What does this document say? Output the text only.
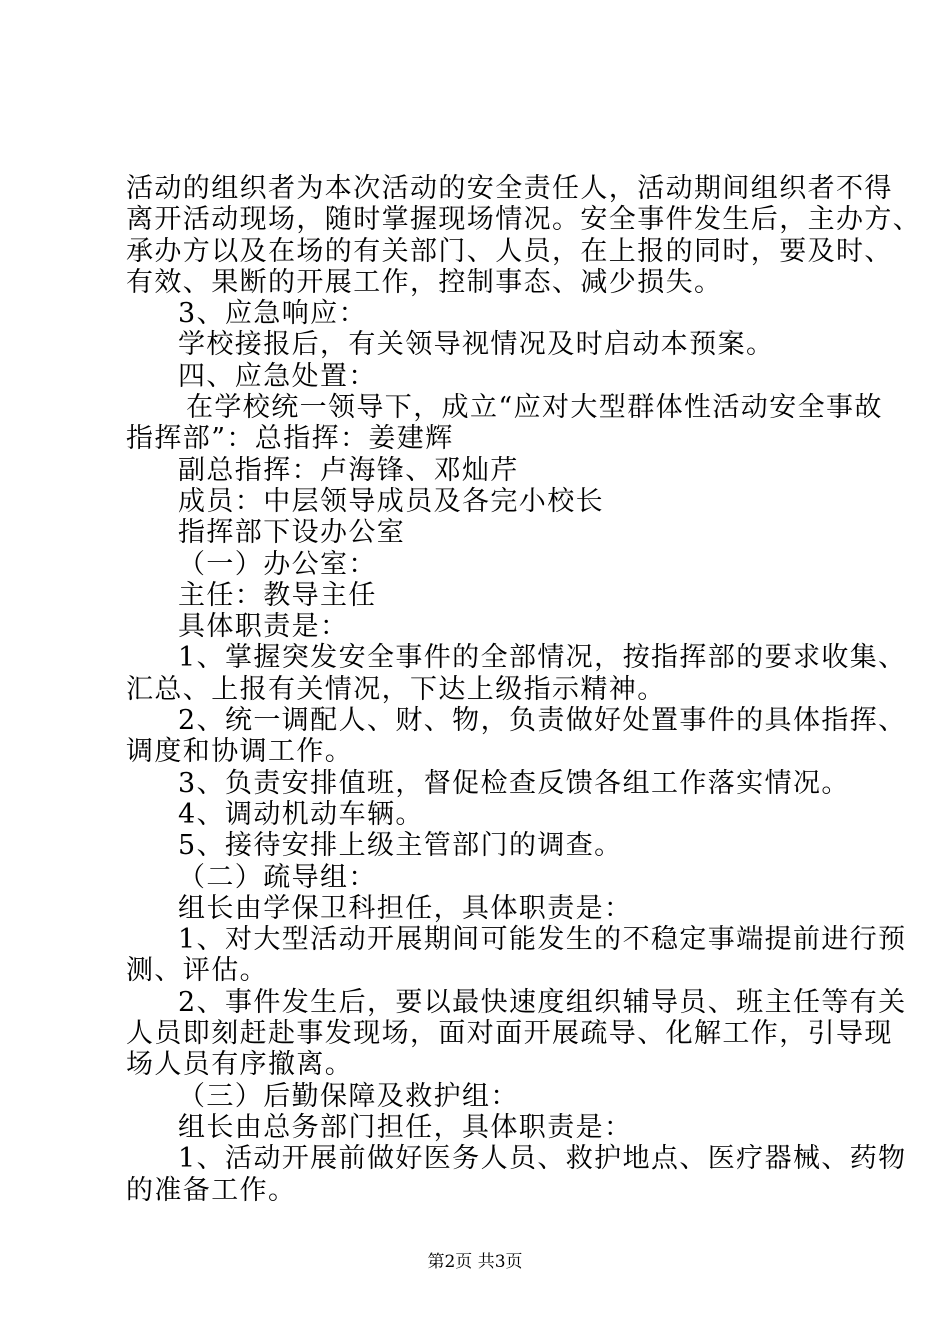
活动的组织者为本次活动的安全责任人，活动期间组织者不得
离开活动现场，随时掌握现场情况。安全事件发生后，主办方、
承办方以及在场的有关部门、人员，在上报的同时，要及时、
有效、果断的开展工作，控制事态、减少损失。
3、应急响应：
学校接报后，有关领导视情况及时启动本预案。
四、应急处置：
在学校统一领导下，成立“应对大型群体性活动安全事故
指挥部”：总指挥：姜建辉
副总指挥：卢海锋、邓灿芹
成员：中层领导成员及各完小校长
指挥部下设办公室
（一）办公室：
主任：教导主任
具体职责是：
1、掌握突发安全事件的全部情况，按指挥部的要求收集、
汇总、上报有关情况，下达上级指示精神。
2、统一调配人、财、物，负责做好处置事件的具体指挥、
调度和协调工作。
3、负责安排值班，督促检查反馈各组工作落实情况。
4、调动机动车辆。
5、接待安排上级主管部门的调查。
（二）疏导组：
组长由学保卫科担任，具体职责是：
1、对大型活动开展期间可能发生的不稳定事端提前进行预
测、评估。
2、事件发生后，要以最快速度组织辅导员、班主任等有关
人员即刻赶赴事发现场，面对面开展疏导、化解工作，引导现
场人员有序撤离。
（三）后勤保障及救护组：
组长由总务部门担任，具体职责是：
1、活动开展前做好医务人员、救护地点、医疗器械、药物
的准备工作。
第2页 共3页
